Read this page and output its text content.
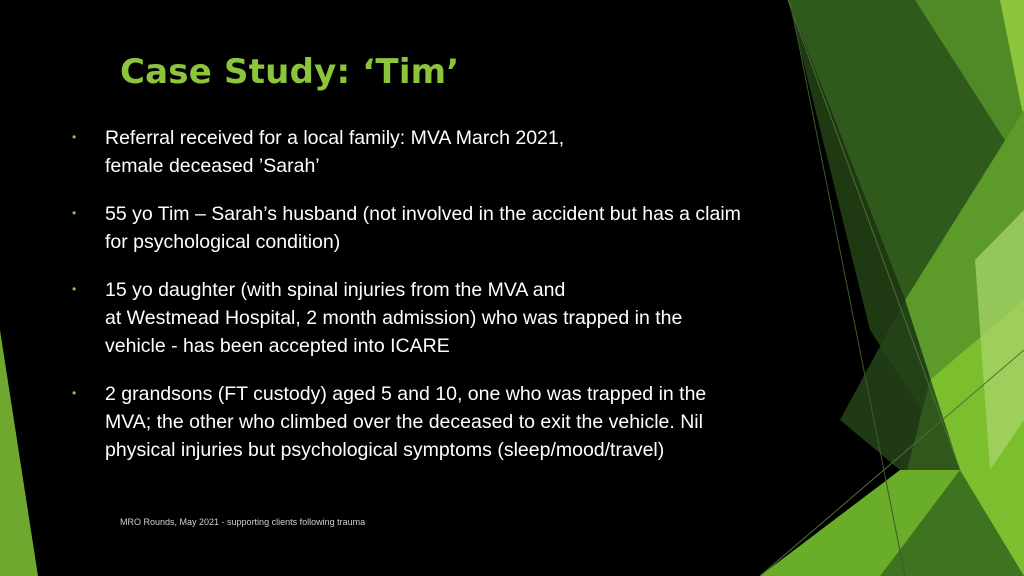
Case Study: ‘Tim’
• Referral received for a local family: MVA March 2021,
female deceased ’Sarah’
• 55 yo Tim – Sarah’s husband (not involved in the accident but has a claim
for psychological condition)
• 15 yo daughter (with spinal injuries from the MVA and
at Westmead Hospital, 2 month admission) who was trapped in the
vehicle - has been accepted into ICARE
• 2 grandsons (FT custody) aged 5 and 10, one who was trapped in the
MVA; the other who climbed over the deceased to exit the vehicle. Nil
physical injuries but psychological symptoms (sleep/mood/travel)
MRO Rounds, May 2021 - supporting clients following trauma
